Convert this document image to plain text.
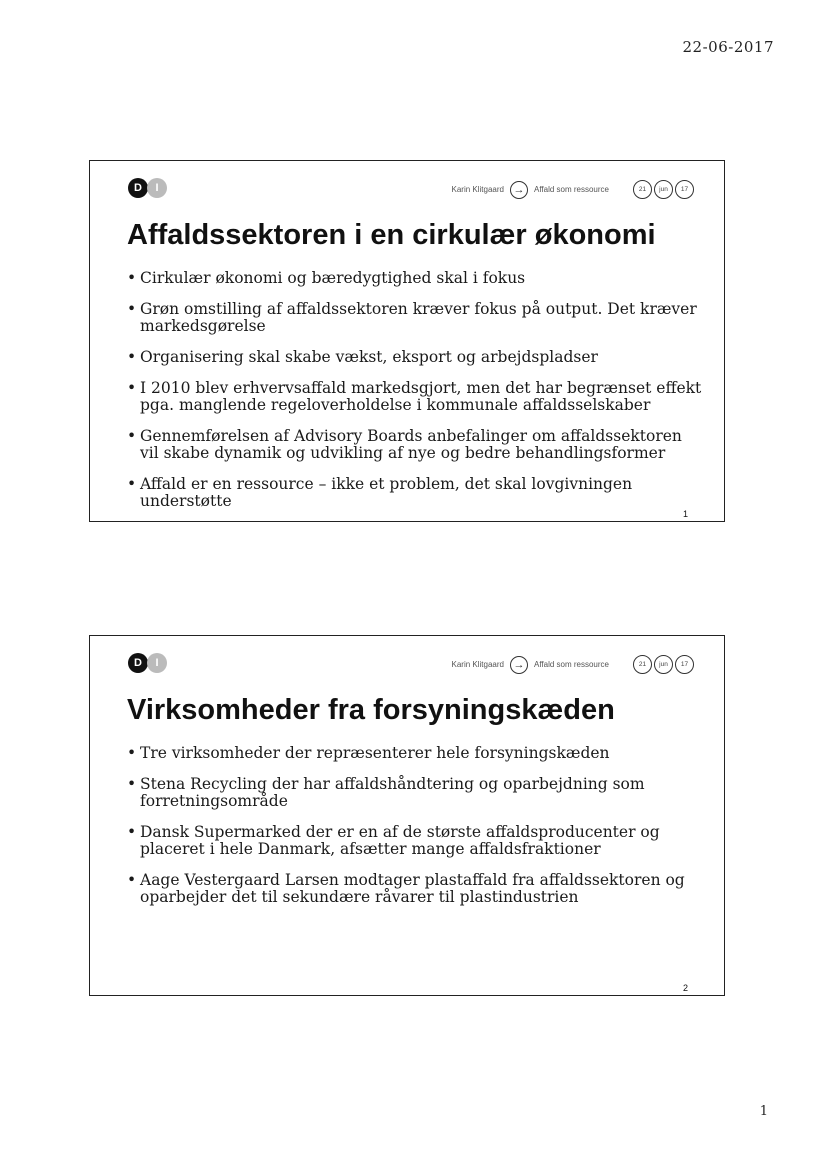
22-06-2017
D	I	Karin Klitgaard →	Affald som ressource	21	jun	17
Affaldssektoren i en cirkulær økonomi
• Cirkulær økonomi og bæredygtighed skal i fokus
• Grøn omstilling af affaldssektoren kræver fokus på output. Det kræver markedsgørelse
• Organisering skal skabe vækst, eksport og arbejdspladser
• I 2010 blev erhvervsaffald markedsgjort, men det har begrænset effekt pga. manglende regeloverholdelse i kommunale affaldsselskaber
• Gennemførelsen af Advisory Boards anbefalinger om affaldssektoren vil skabe dynamik og udvikling af nye og bedre behandlingsformer
• Affald er en ressource – ikke et problem, det skal lovgivningen understøtte
1
D	I	Karin Klitgaard →	Affald som ressource	21	jun	17
Virksomheder fra forsyningskæden
• Tre virksomheder der repræsenterer hele forsyningskæden
• Stena Recycling der har affaldshåndtering og oparbejdning som forretningsområde
• Dansk Supermarked der er en af de største affaldsproducenter og placeret i hele Danmark, afsætter mange affaldsfraktioner
• Aage Vestergaard Larsen modtager plastaffald fra affaldssektoren og oparbejder det til sekundære råvarer til plastindustrien
2
1
